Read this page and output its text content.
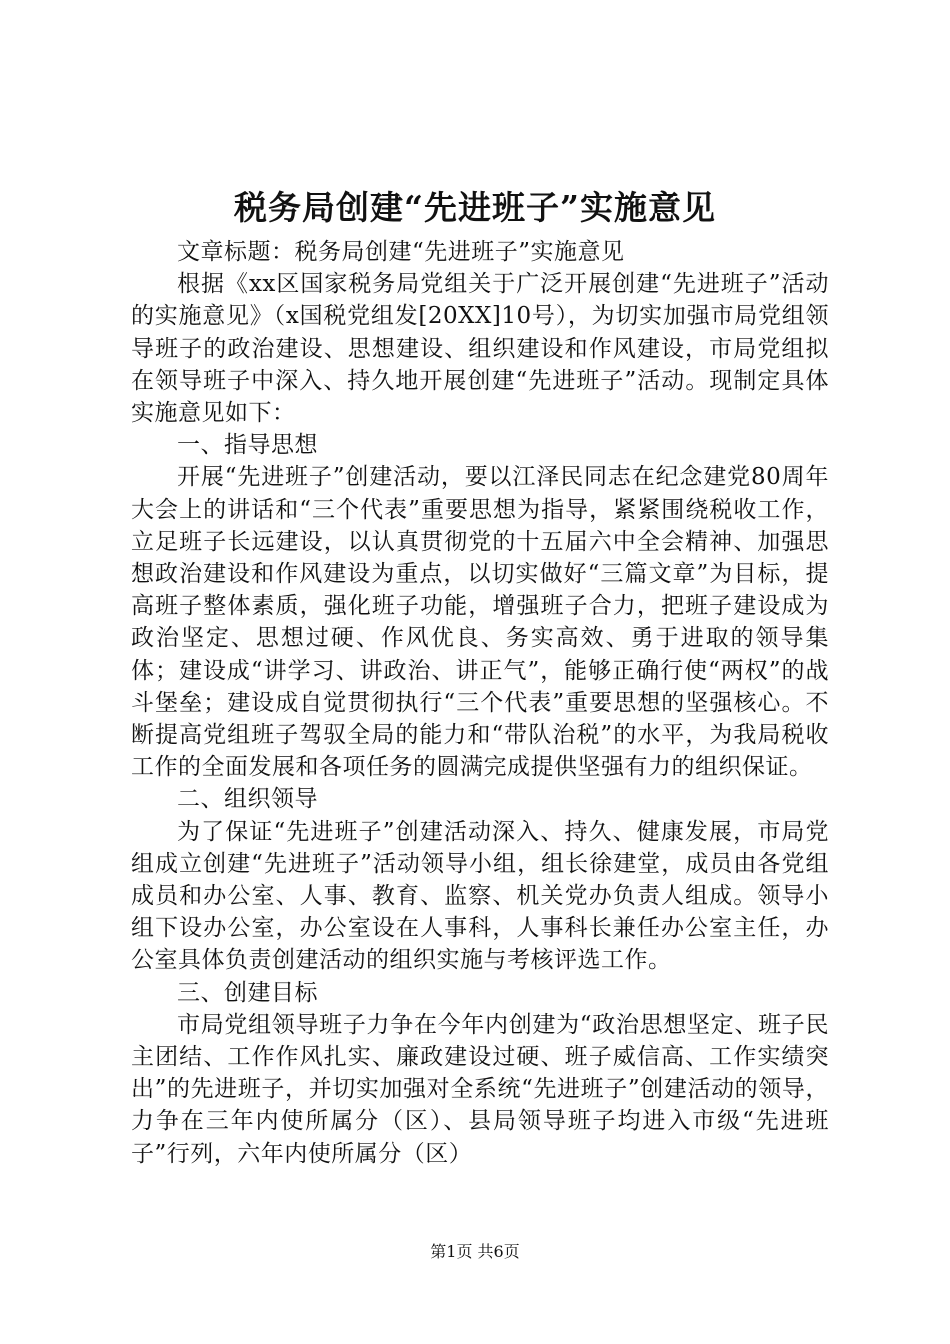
税务局创建“先进班子”实施意见

文章标题：税务局创建“先进班子”实施意见

根据《xx区国家税务局党组关于广泛开展创建“先进班子”活动的实施意见》（x国税党组发[20XX]10号），为切实加强市局党组领导班子的政治建设、思想建设、组织建设和作风建设，市局党组拟在领导班子中深入、持久地开展创建“先进班子”活动。现制定具体实施意见如下：

一、指导思想

开展“先进班子”创建活动，要以江泽民同志在纪念建党80周年大会上的讲话和“三个代表”重要思想为指导，紧紧围绕税收工作，立足班子长远建设，以认真贯彻党的十五届六中全会精神、加强思想政治建设和作风建设为重点，以切实做好“三篇文章”为目标，提高班子整体素质，强化班子功能，增强班子合力，把班子建设成为政治坚定、思想过硬、作风优良、务实高效、勇于进取的领导集体；建设成“讲学习、讲政治、讲正气”，能够正确行使“两权”的战斗堡垒；建设成自觉贯彻执行“三个代表”重要思想的坚强核心。不断提高党组班子驾驭全局的能力和“带队治税”的水平，为我局税收工作的全面发展和各项任务的圆满完成提供坚强有力的组织保证。

二、组织领导

为了保证“先进班子”创建活动深入、持久、健康发展，市局党组成立创建“先进班子”活动领导小组，组长徐建堂，成员由各党组成员和办公室、人事、教育、监察、机关党办负责人组成。领导小组下设办公室，办公室设在人事科，人事科长兼任办公室主任，办公室具体负责创建活动的组织实施与考核评选工作。

三、创建目标

市局党组领导班子力争在今年内创建为“政治思想坚定、班子民主团结、工作作风扎实、廉政建设过硬、班子威信高、工作实绩突出”的先进班子，并切实加强对全系统“先进班子”创建活动的领导，力争在三年内使所属分（区）、县局领导班子均进入市级“先进班子”行列，六年内使所属分（区）

第1页 共6页
